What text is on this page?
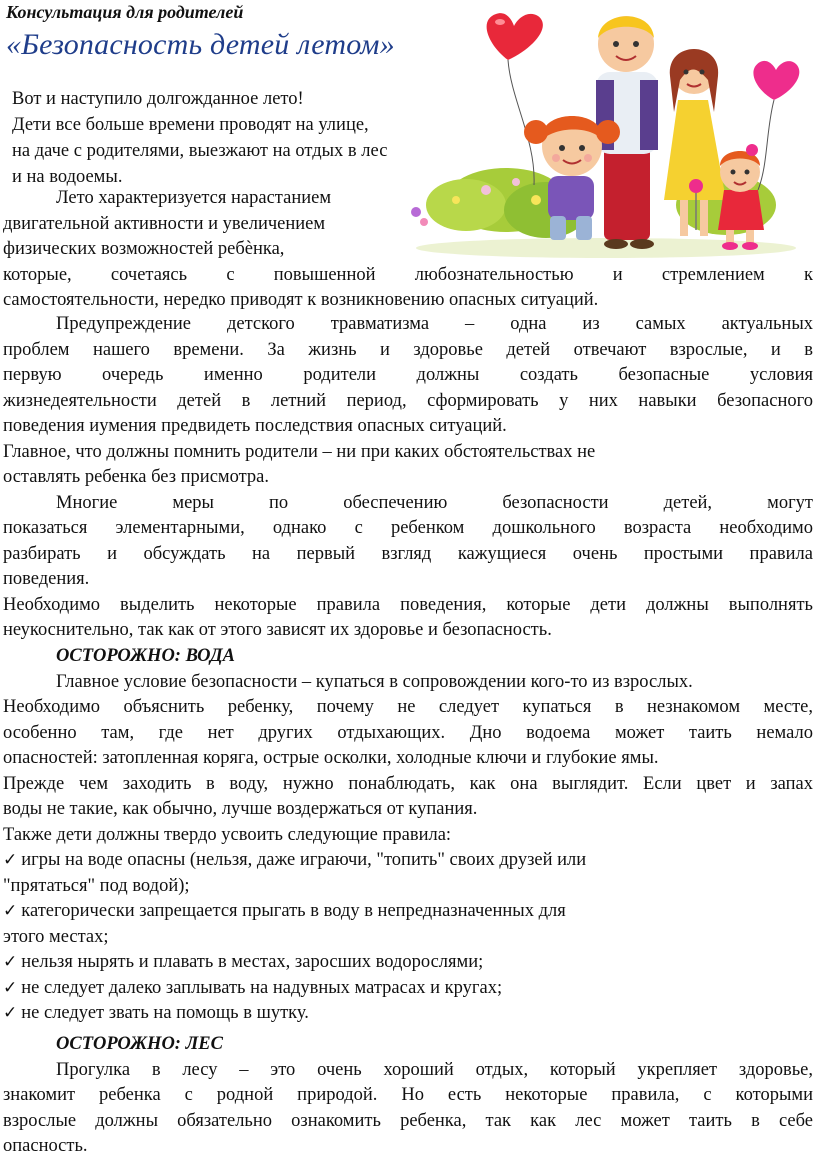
Консультация для родителей
«Безопасность детей летом»
Вот и наступило долгожданное лето!
Дети все больше времени проводят на улице,
на даче с родителями, выезжают на отдых в лес
и на водоемы.
Лето характеризуется нарастанием
двигательной активности и увеличением
физических возможностей ребѐнка,
которые, сочетаясь с повышенной любознательностью и стремлением к
самостоятельности, нередко приводят к возникновению опасных ситуаций.
Предупреждение детского травматизма – одна из самых актуальных
проблем нашего времени. За жизнь и здоровье детей отвечают взрослые, и в
первую очередь именно родители должны создать безопасные условия
жизнедеятельности детей в летний период, сформировать у них навыки безопасного
поведения иумения предвидеть последствия опасных ситуаций.
Главное, что должны помнить родители – ни при каких обстоятельствах не
оставлять ребенка без присмотра.
Многие меры по обеспечению безопасности детей, могут
показаться элементарными, однако с ребенком дошкольного возраста необходимо
разбирать и обсуждать на первый взгляд кажущиеся очень простыми правила
поведения.
Необходимо выделить некоторые правила поведения, которые дети должны выполнять
неукоснительно, так как от этого зависят их здоровье и безопасность.
ОСТОРОЖНО: ВОДА
Главное условие безопасности – купаться в сопровождении кого-то из взрослых.
Необходимо объяснить ребенку, почему не следует купаться в незнакомом месте,
особенно там, где нет других отдыхающих. Дно водоема может таить немало
опасностей: затопленная коряга, острые осколки, холодные ключи и глубокие ямы.
Прежде чем заходить в воду, нужно понаблюдать, как она выглядит. Если цвет и запах
воды не такие, как обычно, лучше воздержаться от купания.
Также дети должны твердо усвоить следующие правила:
✓ игры на воде опасны (нельзя, даже играючи, "топить" своих друзей или
"прятаться" под водой);
✓ категорически запрещается прыгать в воду в непредназначенных для
этого местах;
✓ нельзя нырять и плавать в местах, заросших водорослями;
✓ не следует далеко заплывать на надувных матрасах и кругах;
✓ не следует звать на помощь в шутку.
ОСТОРОЖНО: ЛЕС
Прогулка в лесу – это очень хороший отдых, который укрепляет здоровье,
знакомит ребенка с родной природой. Но есть некоторые правила, с которыми
взрослые должны обязательно ознакомить ребенка, так как лес может таить в себе
опасность.
